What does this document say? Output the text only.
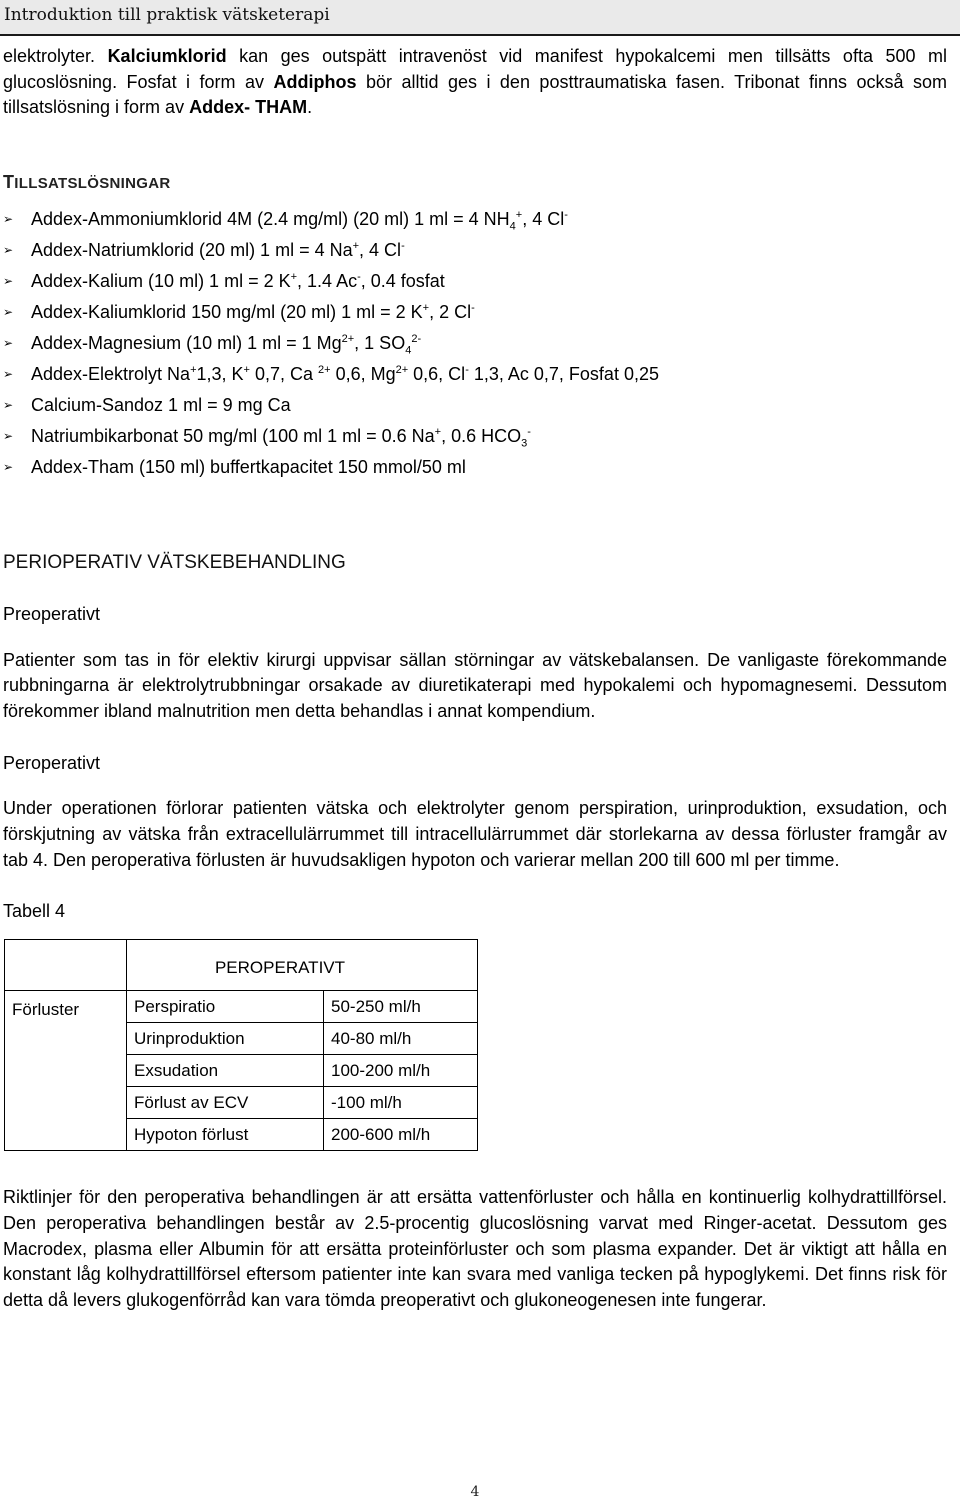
Introduktion till praktisk vätsketerapi

elektrolyter. Kalciumklorid kan ges outspätt intravenöst vid manifest hypokalcemi men tillsätts ofta 500 ml glucoslösning. Fosfat i form av Addiphos bör alltid ges i den posttraumatiska fasen. Tribonat finns också som tillsatslösning i form av Addex- THAM.

TILLSATSLÖSNINGAR
➢ Addex-Ammoniumklorid 4M (2.4 mg/ml) (20 ml) 1 ml = 4 $NH_4^+$, 4 Cl-
➢ Addex-Natriumklorid (20 ml) 1 ml = 4 Na+, 4 Cl-
➢ Addex-Kalium (10 ml) 1 ml = 2 K+, 1.4 Ac-, 0.4 fosfat
➢ Addex-Kaliumklorid 150 mg/ml (20 ml) 1 ml = 2 K+, 2 Cl-
➢ Addex-Magnesium (10 ml) 1 ml = 1 $Mg^{2+}$, 1 $SO_4^{2-}$
➢ Addex-Elektrolyt Na+1,3, K+ 0,7, Ca $^{2+}$ 0,6, $Mg^{2+}$ 0,6, Cl- 1,3, Ac 0,7, Fosfat 0,25
➢ Calcium-Sandoz 1 ml = 9 mg Ca
➢ Natriumbikarbonat 50 mg/ml (100 ml 1 ml = 0.6 Na+, 0.6 $HCO_3^-$
➢ Addex-Tham (150 ml) buffertkapacitet 150 mmol/50 ml
PERIOPERATIV VÄTSKEBEHANDLING
Preoperativt

Patienter som tas in för elektiv kirurgi uppvisar sällan störningar av vätskebalansen. De vanligaste förekommande rubbningarna är elektrolytrubbningar orsakade av diuretikaterapi med hypokalemi och hypomagnesemi. Dessutom förekommer ibland malnutrition men detta behandlas i annat kompendium.

Peroperativt

Under operationen förlorar patienten vätska och elektrolyter genom perspiration, urinproduktion, exsudation, och förskjutning av vätska från extracellulärrummet till intracellulärrummet där storlekarna av dessa förluster framgår av tab 4. Den peroperativa förlusten är huvudsakligen hypoton och varierar mellan 200 till 600 ml per timme.

Tabell 4
	PEROPERATIVT	
Förluster	Perspiratio	50-250 ml/h
	Urinproduktion	40-80 ml/h
	Exsudation	100-200 ml/h
	Förlust av ECV	-100 ml/h
	Hypoton förlust	200-600 ml/h

Riktlinjer för den peroperativa behandlingen är att ersätta vattenförluster och hålla en kontinuerlig kolhydrattillförsel. Den peroperativa behandlingen består av 2.5-procentig glucoslösning varvat med Ringer-acetat. Dessutom ges Macrodex, plasma eller Albumin för att ersätta proteinförluster och som plasma expander. Det är viktigt att hålla en konstant låg kolhydrattillförsel eftersom patienter inte kan svara med vanliga tecken på hypoglykemi. Det finns risk för detta då levers glukogenförråd kan vara tömda preoperativt och glukoneogenesen inte fungerar.

4
